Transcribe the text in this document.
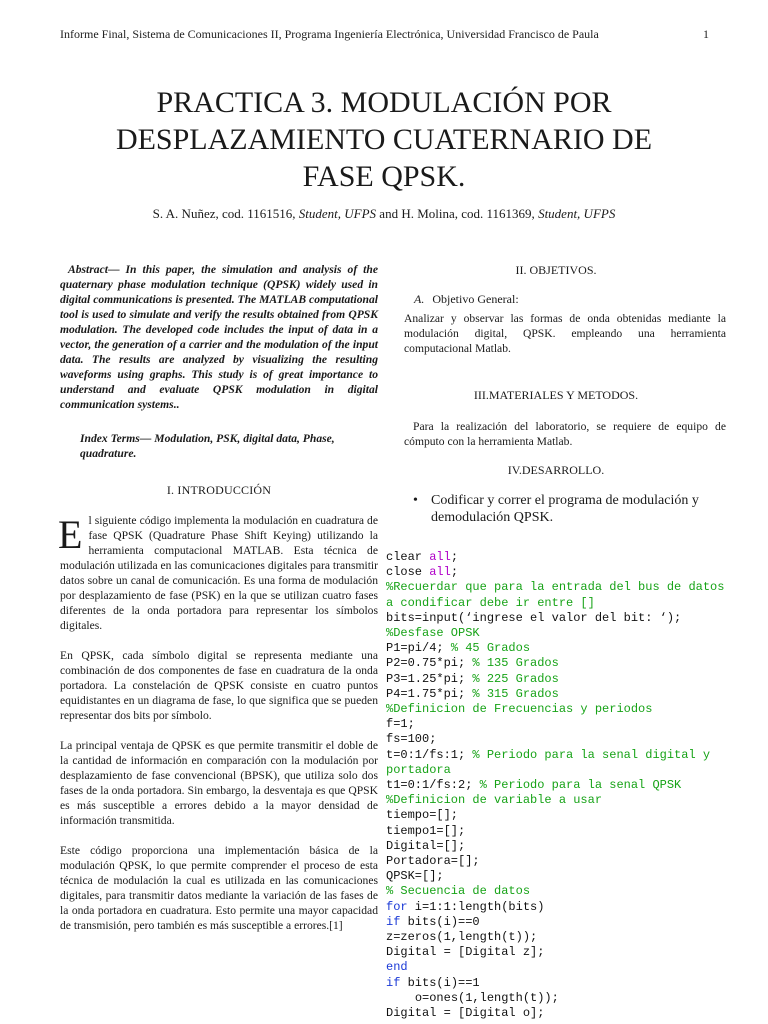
Informe Final, Sistema de Comunicaciones II, Programa Ingeniería Electrónica, Universidad Francisco de Paula	1
PRACTICA 3. MODULACIÓN POR
DESPLAZAMIENTO CUATERNARIO DE
FASE QPSK.
S. A. Nuñez, cod. 1161516, Student, UFPS and H. Molina, cod. 1161369, Student, UFPS

Abstract— In this paper, the simulation and analysis of the quaternary phase modulation technique (QPSK) widely used in digital communications is presented. The MATLAB computational tool is used to simulate and verify the results obtained from QPSK modulation. The developed code includes the input of data in a vector, the generation of a carrier and the modulation of the input data. The results are analyzed by visualizing the resulting waveforms using graphs. This study is of great importance to understand and evaluate QPSK modulation in digital communication systems..

Index Terms— Modulation, PSK, digital data, Phase, quadrature.

I. INTRODUCCIÓN

El siguiente código implementa la modulación en cuadratura de fase QPSK (Quadrature Phase Shift Keying) utilizando la herramienta computacional MATLAB. Esta técnica de modulación utilizada en las comunicaciones digitales para transmitir datos sobre un canal de comunicación. Es una forma de modulación por desplazamiento de fase (PSK) en la que se utilizan cuatro fases diferentes de la onda portadora para representar los símbolos digitales.

En QPSK, cada símbolo digital se representa mediante una combinación de dos componentes de fase en cuadratura de la onda portadora. La constelación de QPSK consiste en cuatro puntos equidistantes en un diagrama de fase, lo que significa que se pueden representar dos bits por símbolo.

La principal ventaja de QPSK es que permite transmitir el doble de la cantidad de información en comparación con la modulación por desplazamiento de fase convencional (BPSK), que utiliza solo dos fases de la onda portadora. Sin embargo, la desventaja es que QPSK es más susceptible a errores debido a la mayor densidad de información transmitida.

Este código proporciona una implementación básica de la modulación QPSK, lo que permite comprender el proceso de esta técnica de modulación la cual es utilizada en las comunicaciones digitales, para transmitir datos mediante la variación de las fases de la onda portadora en cuadratura. Esto permite una mayor capacidad de transmisión, pero también es más susceptible a errores.[1]

II. OBJETIVOS.
A. Objetivo General:

Analizar y observar las formas de onda obtenidas mediante la modulación digital, QPSK. empleando una herramienta computacional Matlab.

III.MATERIALES Y METODOS.

Para la realización del laboratorio, se requiere de equipo de cómputo con la herramienta Matlab.

IV.DESARROLLO.
• Codificar y correr el programa de modulación y demodulación QPSK.
clear all;
close all;
%Recuerdar que para la entrada del bus de datos a condificar debe ir entre []
bits=input(‘ingrese el valor del bit: ‘);
%Desfase OPSK
P1=pi/4; % 45 Grados
P2=0.75*pi; % 135 Grados
P3=1.25*pi; % 225 Grados
P4=1.75*pi; % 315 Grados
%Definicion de Frecuencias y periodos
f=1;
fs=100;
t=0:1/fs:1; % Periodo para la senal digital y portadora
t1=0:1/fs:2; % Periodo para la senal QPSK
%Definicion de variable a usar
tiempo=[];
tiempo1=[];
Digital=[];
Portadora=[];
QPSK=[];
% Secuencia de datos
for i=1:1:length(bits)
if bits(i)==0
z=zeros(1,length(t));
Digital = [Digital z];
end
if bits(i)==1
o=ones(1,length(t));
Digital = [Digital o];
